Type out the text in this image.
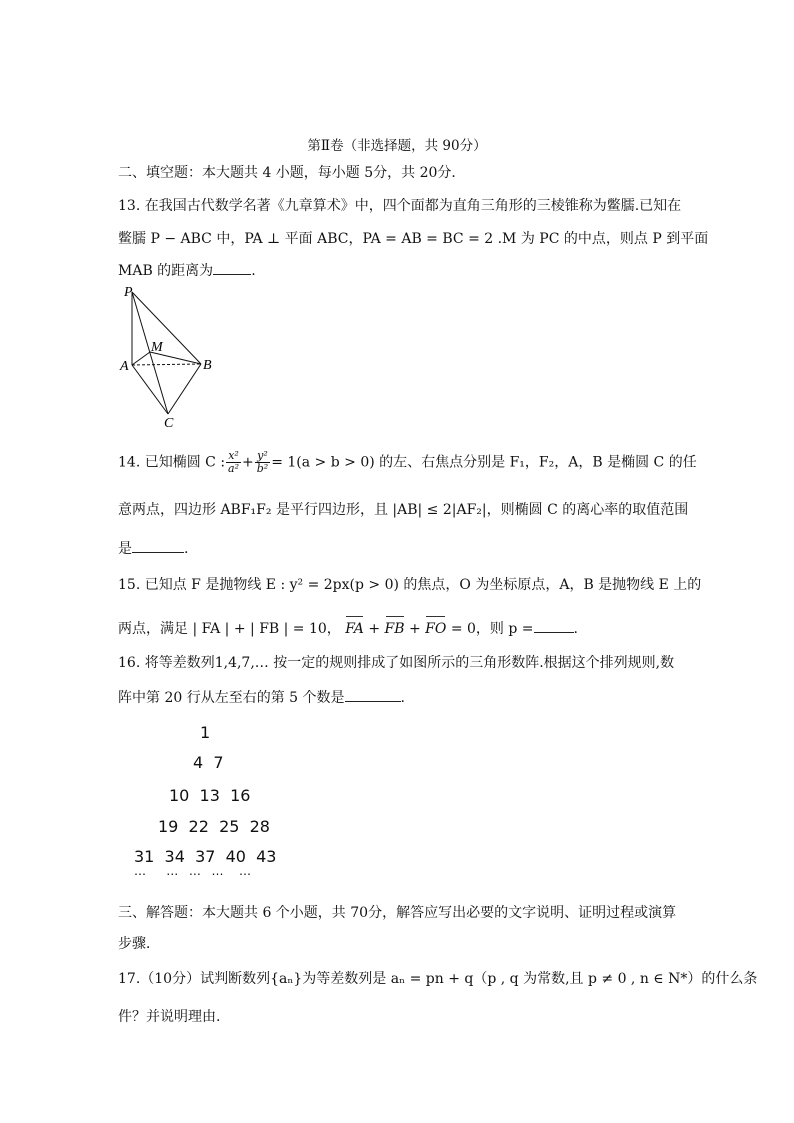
第Ⅱ卷（非选择题，共 90分）
二、填空题：本大题共 4 小题，每小题 5分，共 20分．
13. 在我国古代数学名著《九章算术》中，四个面都为直角三角形的三棱锥称为鳖臑.已知在
鳖臑 P − ABC 中，PA ⊥ 平面 ABC，PA = AB = BC = 2 .M 为 PC 的中点，则点 P 到平面
MAB 的距离为	.
P
M
A	B
C
14. 已知椭圆 C : $\frac{\text{x²}}{\text{a²}} + \frac{\text{y²}}{\text{b²}} = 1(a > b > 0)$ 的左、右焦点分别是 F₁，F₂，A，B 是椭圆 C 的任
意两点，四边形 ABF₁F₂ 是平行四边形，且 |AB| ≤ 2|AF₂|，则椭圆 C 的离心率的取值范围
是	.
15. 已知点 F 是抛物线 E : y² = 2px(p > 0) 的焦点，O 为坐标原点，A，B 是抛物线 E 上的
两点，满足 | FA | + | FB | = 10， FA + FB + FO = 0，则 p =	.
16. 将等差数列1,4,7,… 按一定的规则排成了如图所示的三角形数阵.根据这个排列规则,数
阵中第 20 行从左至右的第 5 个数是	.
1
4 7
10 13 16
19 22 25 28
31 34 37 40 43
… … … … …
三、解答题：本大题共 6 个小题，共 70分，解答应写出必要的文字说明、证明过程或演算
步骤．
17.（10分）试判断数列{aₙ}为等差数列是 aₙ = pn + q（p , q 为常数,且 p ≠ 0 , n ∈ N*）的什么条
件？并说明理由.
